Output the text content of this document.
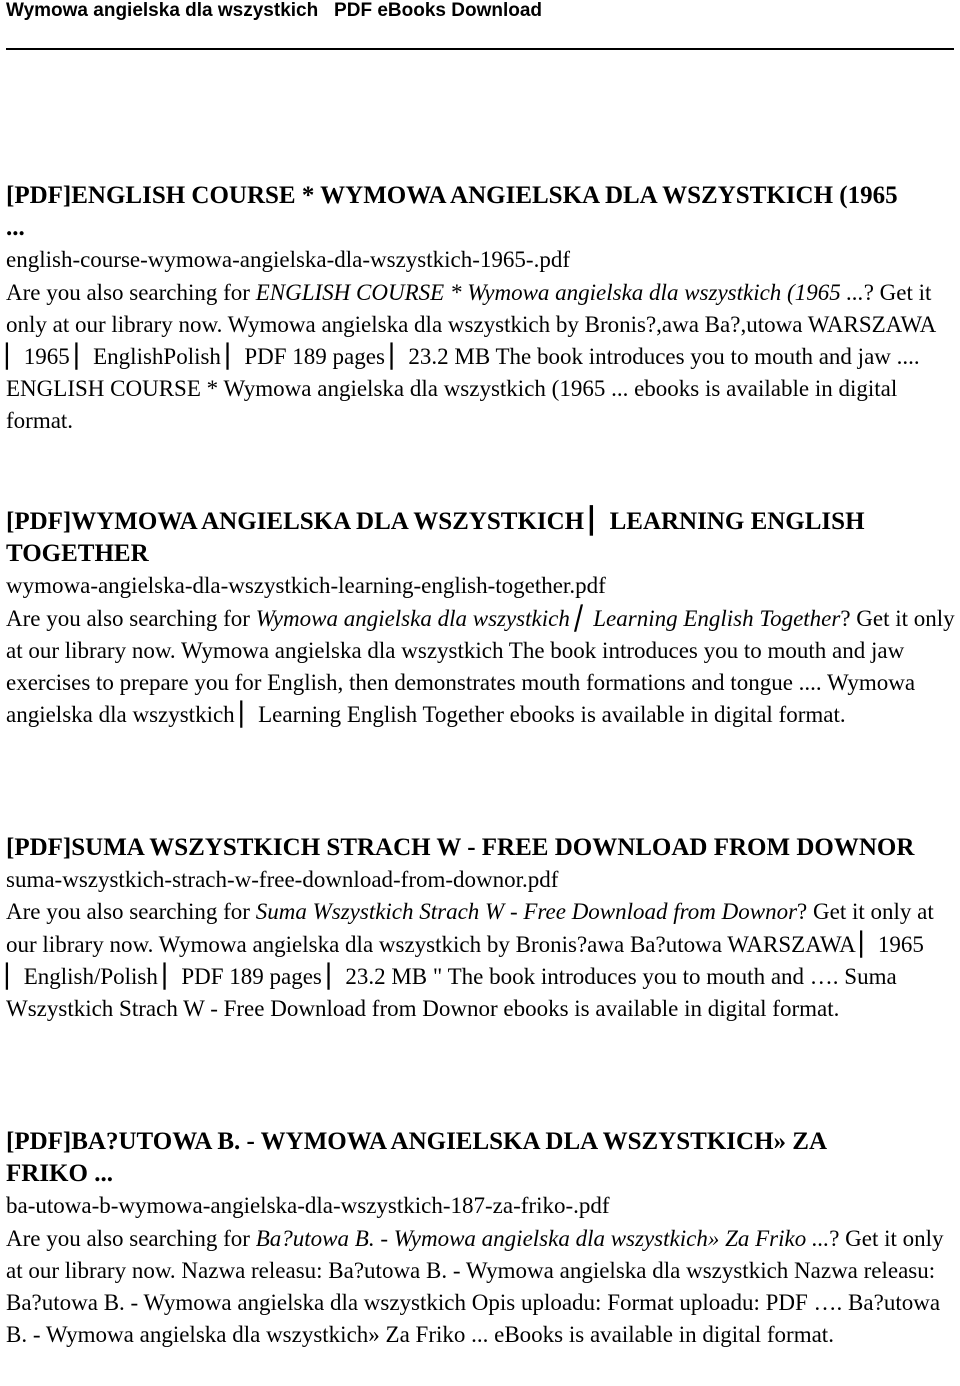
Wymowa angielska dla wszystkich   PDF eBooks Download

[PDF]ENGLISH COURSE * WYMOWA ANGIELSKA DLA WSZYSTKICH (1965 ...

english-course-wymowa-angielska-dla-wszystkich-1965-.pdf

Are you also searching for ENGLISH COURSE * Wymowa angielska dla wszystkich (1965 ...? Get it only at our library now. Wymowa angielska dla wszystkich by Bronis?,awa Ba?,utowa WARSZAWA ▏1965 ▏EnglishPolish ▏PDF 189 pages ▏23.2 MB The book introduces you to mouth and jaw .... ENGLISH COURSE * Wymowa angielska dla wszystkich (1965 ... ebooks is available in digital format.

[PDF]WYMOWA ANGIELSKA DLA WSZYSTKICH ▏LEARNING ENGLISH TOGETHER

wymowa-angielska-dla-wszystkich-learning-english-together.pdf

Are you also searching for Wymowa angielska dla wszystkich ▏Learning English Together? Get it only at our library now. Wymowa angielska dla wszystkich The book introduces you to mouth and jaw exercises to prepare you for English, then demonstrates mouth formations and tongue .... Wymowa angielska dla wszystkich ▏Learning English Together ebooks is available in digital format.

[PDF]SUMA WSZYSTKICH STRACH W - FREE DOWNLOAD FROM DOWNOR

suma-wszystkich-strach-w-free-download-from-downor.pdf

Are you also searching for Suma Wszystkich Strach W - Free Download from Downor? Get it only at our library now. Wymowa angielska dla wszystkich by Bronis?awa Ba?utowa WARSZAWA ▏1965 ▏English/Polish ▏PDF 189 pages ▏23.2 MB " The book introduces you to mouth and …. Suma Wszystkich Strach W - Free Download from Downor ebooks is available in digital format.

[PDF]BA?UTOWA B. - WYMOWA ANGIELSKA DLA WSZYSTKICH» ZA FRIKO ...

ba-utowa-b-wymowa-angielska-dla-wszystkich-187-za-friko-.pdf

Are you also searching for Ba?utowa B. - Wymowa angielska dla wszystkich» Za Friko ...? Get it only at our library now. Nazwa releasu: Ba?utowa B. - Wymowa angielska dla wszystkich Nazwa releasu: Ba?utowa B. - Wymowa angielska dla wszystkich Opis uploadu: Format uploadu: PDF …. Ba?utowa B. - Wymowa angielska dla wszystkich» Za Friko ... eBooks is available in digital format.
